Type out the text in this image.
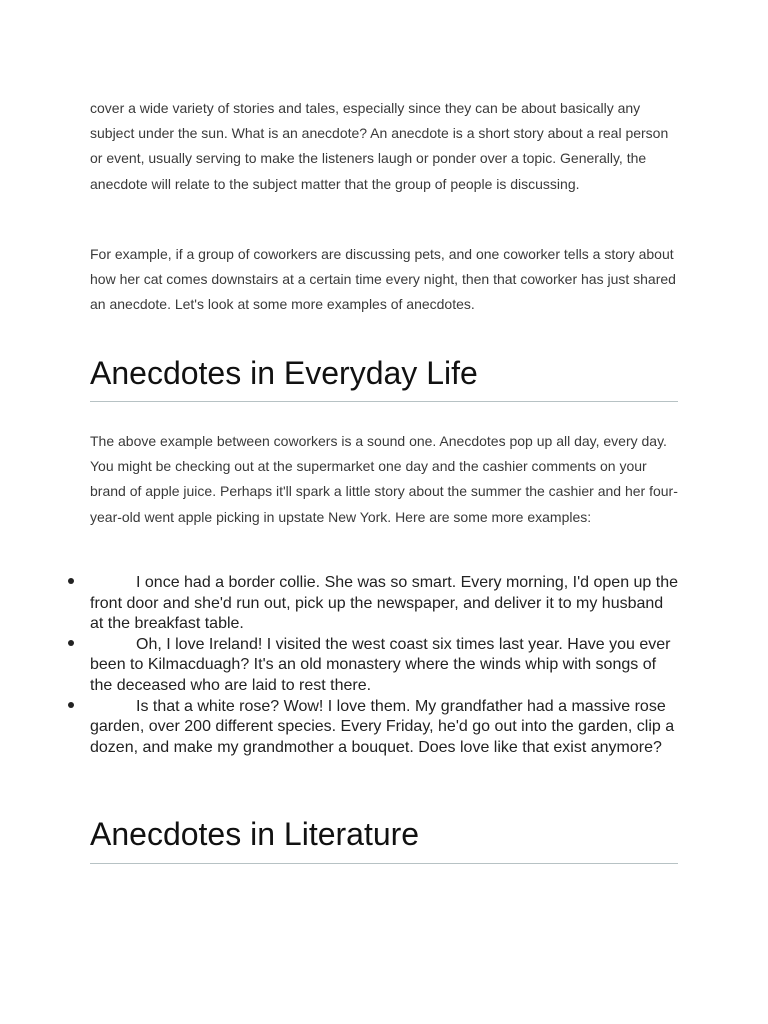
cover a wide variety of stories and tales, especially since they can be about basically any subject under the sun. What is an anecdote? An anecdote is a short story about a real person or event, usually serving to make the listeners laugh or ponder over a topic. Generally, the anecdote will relate to the subject matter that the group of people is discussing.

For example, if a group of coworkers are discussing pets, and one coworker tells a story about how her cat comes downstairs at a certain time every night, then that coworker has just shared an anecdote. Let's look at some more examples of anecdotes.

Anecdotes in Everyday Life

The above example between coworkers is a sound one. Anecdotes pop up all day, every day. You might be checking out at the supermarket one day and the cashier comments on your brand of apple juice. Perhaps it'll spark a little story about the summer the cashier and her four-year-old went apple picking in upstate New York. Here are some more examples:

I once had a border collie. She was so smart. Every morning, I'd open up the front door and she'd run out, pick up the newspaper, and deliver it to my husband at the breakfast table.
Oh, I love Ireland! I visited the west coast six times last year. Have you ever been to Kilmacduagh? It's an old monastery where the winds whip with songs of the deceased who are laid to rest there.
Is that a white rose? Wow! I love them. My grandfather had a massive rose garden, over 200 different species. Every Friday, he'd go out into the garden, clip a dozen, and make my grandmother a bouquet. Does love like that exist anymore?
Anecdotes in Literature
